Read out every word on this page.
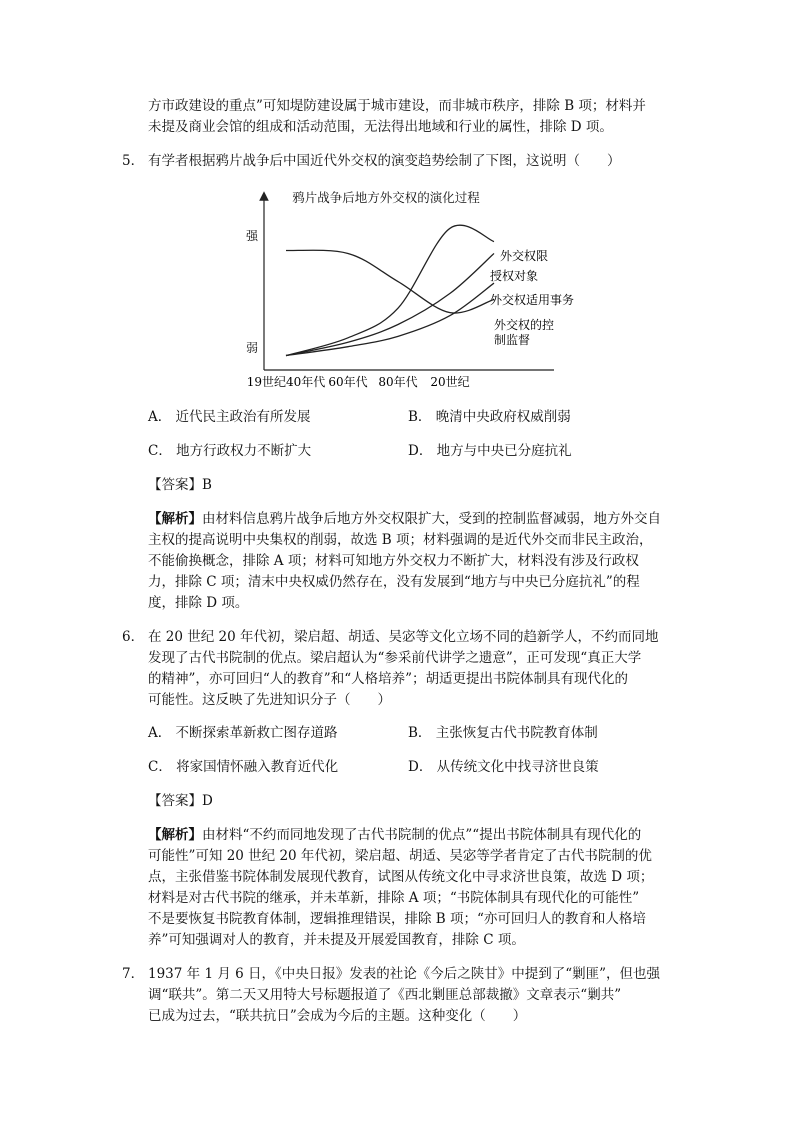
方市政建设的重点”可知堤防建设属于城市建设，而非城市秩序，排除 B 项；材料并
未提及商业会馆的组成和活动范围，无法得出地域和行业的属性，排除 D 项。
5． 有学者根据鸦片战争后中国近代外交权的演变趋势绘制了下图，这说明（　　）
鸦片战争后地方外交权的演化过程
强
弱
19世纪40年代 60年代 80年代 20世纪
外交权限
授权对象
外交权适用事务
外交权的控
制监督
A． 近代民主政治有所发展	B． 晚清中央政府权威削弱
C． 地方行政权力不断扩大	D． 地方与中央已分庭抗礼
【答案】B
【解析】由材料信息鸦片战争后地方外交权限扩大，受到的控制监督减弱，地方外交自
主权的提高说明中央集权的削弱，故选 B 项；材料强调的是近代外交而非民主政治，
不能偷换概念，排除 A 项；材料可知地方外交权力不断扩大，材料没有涉及行政权
力，排除 C 项；清末中央权威仍然存在，没有发展到“地方与中央已分庭抗礼”的程
度，排除 D 项。
6． 在 20 世纪 20 年代初，梁启超、胡适、吴宓等文化立场不同的趋新学人，不约而同地
发现了古代书院制的优点。梁启超认为“参采前代讲学之遗意”，正可发现“真正大学
的精神”，亦可回归“人的教育”和“人格培养”；胡适更提出书院体制具有现代化的
可能性。这反映了先进知识分子（　　）
A． 不断探索革新救亡图存道路	B． 主张恢复古代书院教育体制
C． 将家国情怀融入教育近代化	D． 从传统文化中找寻济世良策
【答案】D
【解析】由材料“不约而同地发现了古代书院制的优点”“提出书院体制具有现代化的
可能性”可知 20 世纪 20 年代初，梁启超、胡适、吴宓等学者肯定了古代书院制的优
点，主张借鉴书院体制发展现代教育，试图从传统文化中寻求济世良策，故选 D 项；
材料是对古代书院的继承，并未革新，排除 A 项；“书院体制具有现代化的可能性”
不是要恢复书院教育体制，逻辑推理错误，排除 B 项；“亦可回归人的教育和人格培
养”可知强调对人的教育，并未提及开展爱国教育，排除 C 项。
7． 1937 年 1 月 6 日，《中央日报》发表的社论《今后之陕甘》中提到了“剿匪”，但也强
调“联共”。第二天又用特大号标题报道了《西北剿匪总部裁撤》文章表示“剿共”
已成为过去，“联共抗日”会成为今后的主题。这种变化（　　）
